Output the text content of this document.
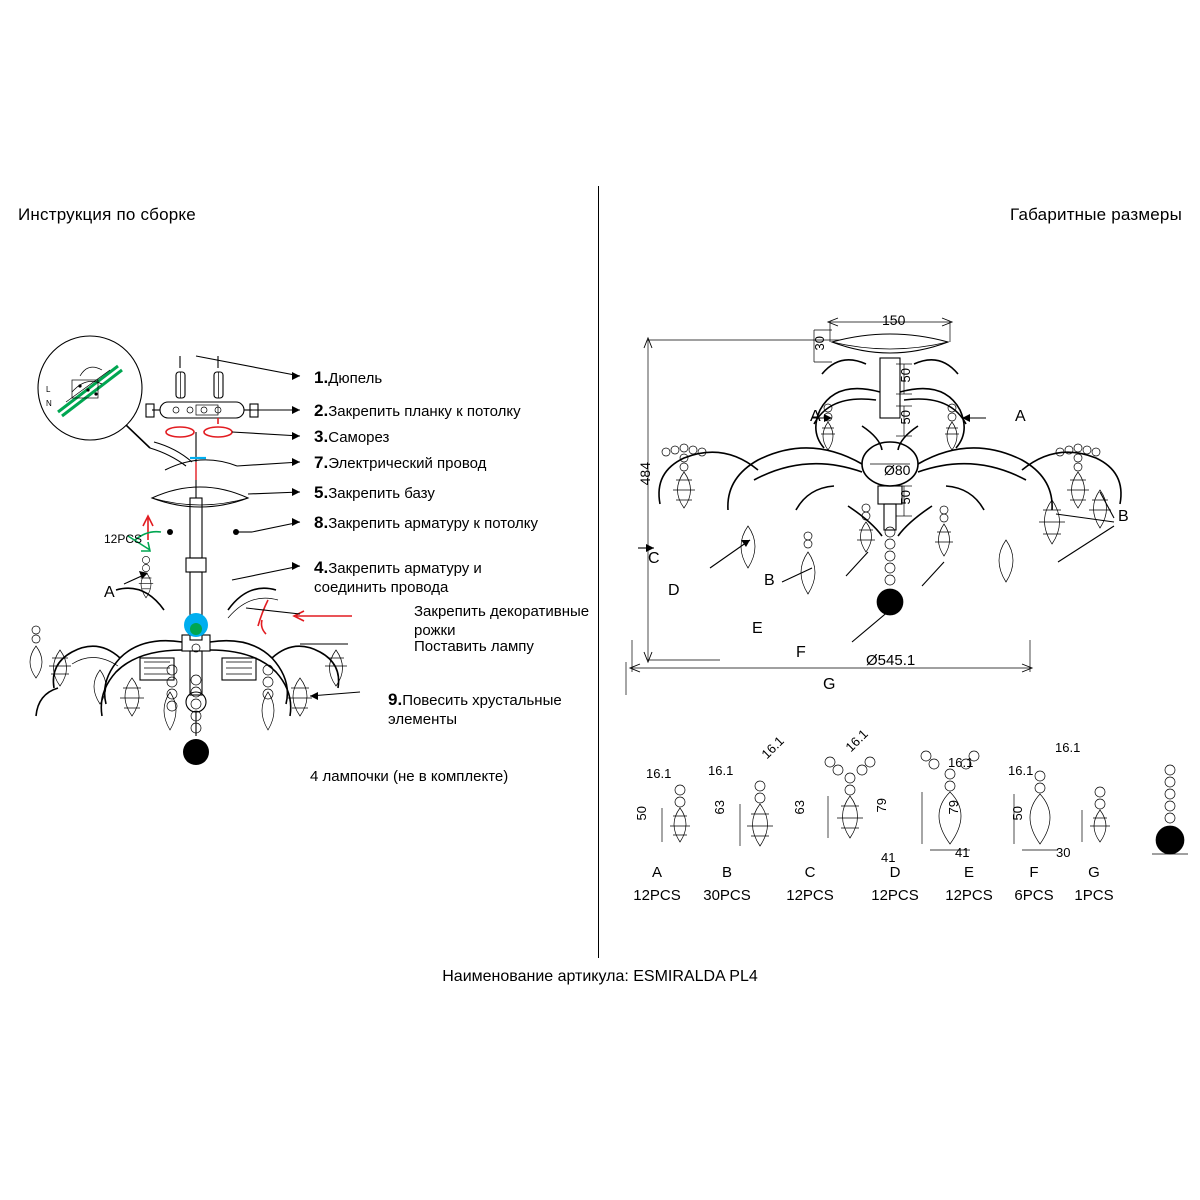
Инструкция по сборке	Габаритные размеры
L
N
1.Дюпель
2.Закрепить планку к потолку
3.Саморез
7.Электрический провод
5.Закрепить базу
8.Закрепить арматуру к потолку
4.Закрепить арматуру и соединить провода
Закрепить декоративные рожки
Поставить лампу
9.Повесить хрустальные элементы
4 лампочки (не в комплекте)
12PCS
A
150
30
50
50
50
Ø80
484
Ø545.1
A	A
B
C
D
B
E
F
G
16.1
50
16.1
63
16.1
63
16.1
79
41
16.1
79
41
16.1
50
16.1
30
A
12PCS
B
30PCS
C
12PCS
D
12PCS
E
12PCS
F
6PCS
G
1PCS
Наименование артикула: ESMIRALDA PL4
